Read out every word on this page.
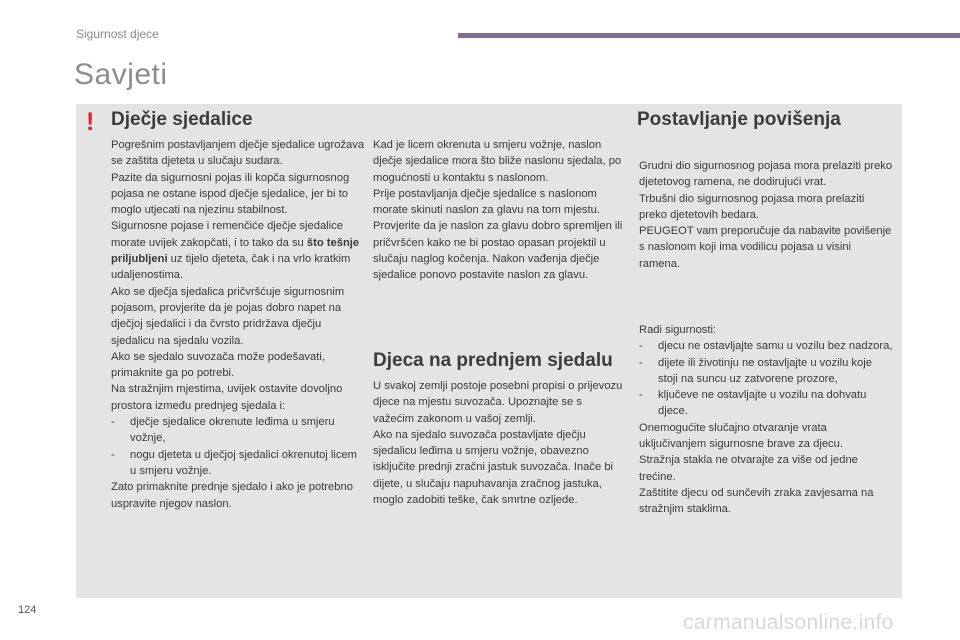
Sigurnost djece
Savjeti
! Dječje sjedalice

Pogrešnim postavljanjem dječje sjedalice ugrožava se zaštita djeteta u slučaju sudara.

Pazite da sigurnosni pojas ili kopča sigurnosnog pojasa ne ostane ispod dječje sjedalice, jer bi to moglo utjecati na njezinu stabilnost.

Sigurnosne pojase i remenčiće dječje sjedalice morate uvijek zakopčati, i to tako da su što tešnje priljubljeni uz tijelo djeteta, čak i na vrlo kratkim udaljenostima.

Ako se dječja sjedalica pričvršćuje sigurnosnim pojasom, provjerite da je pojas dobro napet na dječjoj sjedalici i da čvrsto pridržava dječju sjedalicu na sjedalu vozila.

Ako se sjedalo suvozača može podešavati, primaknite ga po potrebi.

Na stražnjim mjestima, uvijek ostavite dovoljno prostora između prednjeg sjedala i:

- dječje sjedalice okrenute leđima u smjeru vožnje,
- nogu djeteta u dječjoj sjedalici okrenutoj licem u smjeru vožnje.

Zato primaknite prednje sjedalo i ako je potrebno uspravite njegov naslon.

Kad je licem okrenuta u smjeru vožnje, naslon dječje sjedalice mora što bliže naslonu sjedala, po mogućnosti u kontaktu s naslonom.

Prije postavljanja dječje sjedalice s naslonom morate skinuti naslon za glavu na tom mjestu. Provjerite da je naslon za glavu dobro spremljen ili pričvršćen kako ne bi postao opasan projektil u slučaju naglog kočenja. Nakon vađenja dječje sjedalice ponovo postavite naslon za glavu.

Djeca na prednjem sjedalu

U svakoj zemlji postoje posebni propisi o prijevozu djece na mjestu suvozača. Upoznajte se s važećim zakonom u vašoj zemlji.

Ako na sjedalo suvozača postavljate dječju sjedalicu leđima u smjeru vožnje, obavezno isključite prednji zračni jastuk suvozača. Inače bi dijete, u slučaju napuhavanja zračnog jastuka, moglo zadobiti teške, čak smrtne ozljede.

Postavljanje povišenja

Grudni dio sigurnosnog pojasa mora prelaziti preko djetetovog ramena, ne dodirujući vrat.

Trbušni dio sigurnosnog pojasa mora prelaziti preko djetetovih bedara.

PEUGEOT vam preporučuje da nabavite povišenje s naslonom koji ima vodilicu pojasa u visini ramena.

Radi sigurnosti:

- djecu ne ostavljajte samu u vozilu bez nadzora,
- dijete ili životinju ne ostavljajte u vozilu koje stoji na suncu uz zatvorene prozore,
- ključeve ne ostavljajte u vozilu na dohvatu djece.

Onemogućite slučajno otvaranje vrata uključivanjem sigurnosne brave za djecu.

Stražnja stakla ne otvarajte za više od jedne trećine.

Zaštitite djecu od sunčevih zraka zavjesama na stražnjim staklima.

124
carmanualsonline.info
